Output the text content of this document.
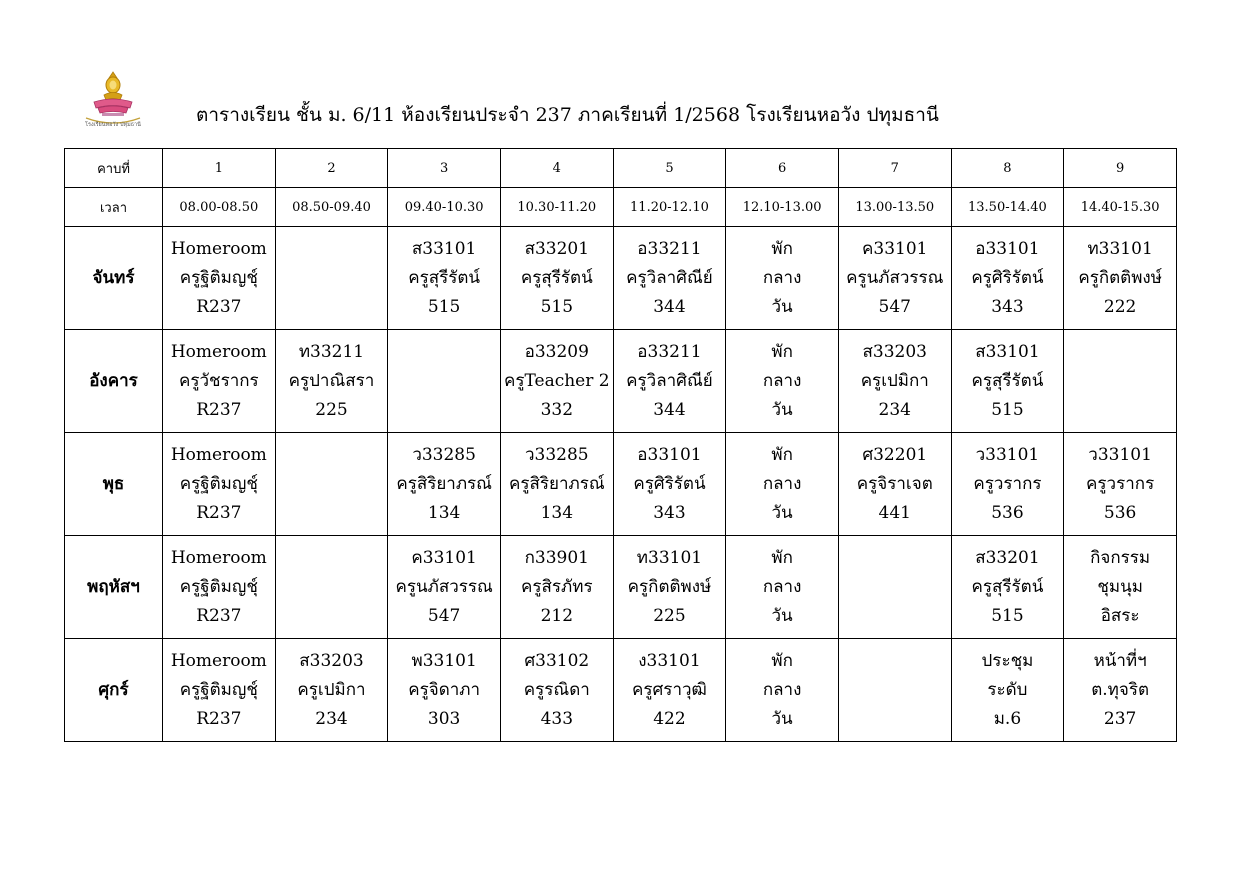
โรงเรียนหอวัง ปทุมธานี	ตารางเรียน ชั้น ม. 6/11 ห้องเรียนประจำ 237 ภาคเรียนที่ 1/2568 โรงเรียนหอวัง ปทุมธานี
คาบที่	1	2	3	4	5	6	7	8	9
เวลา	08.00-08.50	08.50-09.40	09.40-10.30	10.30-11.20	11.20-12.10	12.10-13.00	13.00-13.50	13.50-14.40	14.40-15.30
จันทร์	Homeroom
ครูฐิติมญชุ์
R237		ส33101
ครูสุรีรัตน์
515	ส33201
ครูสุรีรัตน์
515	อ33211
ครูวิลาศิณีย์
344	พัก
กลาง
วัน	ค33101
ครูนภัสวรรณ
547	อ33101
ครูศิริรัตน์
343	ท33101
ครูกิตติพงษ์
222

อังคาร	Homeroom
ครูวัชรากร
R237	ท33211
ครูปาณิสรา
225		อ33209
ครูTeacher 2
332	อ33211
ครูวิลาศิณีย์
344	พัก
กลาง
วัน	ส33203
ครูเปมิกา
234	ส33101
ครูสุรีรัตน์
515	

พุธ	Homeroom
ครูฐิติมญชุ์
R237		ว33285
ครูสิริยาภรณ์
134	ว33285
ครูสิริยาภรณ์
134	อ33101
ครูศิริรัตน์
343	พัก
กลาง
วัน	ศ32201
ครูจิราเจต
441	ว33101
ครูวรากร
536	ว33101
ครูวรากร
536

พฤหัสฯ	Homeroom
ครูฐิติมญชุ์
R237		ค33101
ครูนภัสวรรณ
547	ก33901
ครูสิรภัทร
212	ท33101
ครูกิตติพงษ์
225	พัก
กลาง
วัน		ส33201
ครูสุรีรัตน์
515	กิจกรรม
ชุมนุม
อิสระ

ศุกร์	Homeroom
ครูฐิติมญชุ์
R237	ส33203
ครูเปมิกา
234	พ33101
ครูจิดาภา
303	ศ33102
ครูรณิดา
433	ง33101
ครูศราวุฒิ
422	พัก
กลาง
วัน		ประชุม
ระดับ
ม.6	หน้าที่ฯ
ต.ทุจริต
237
